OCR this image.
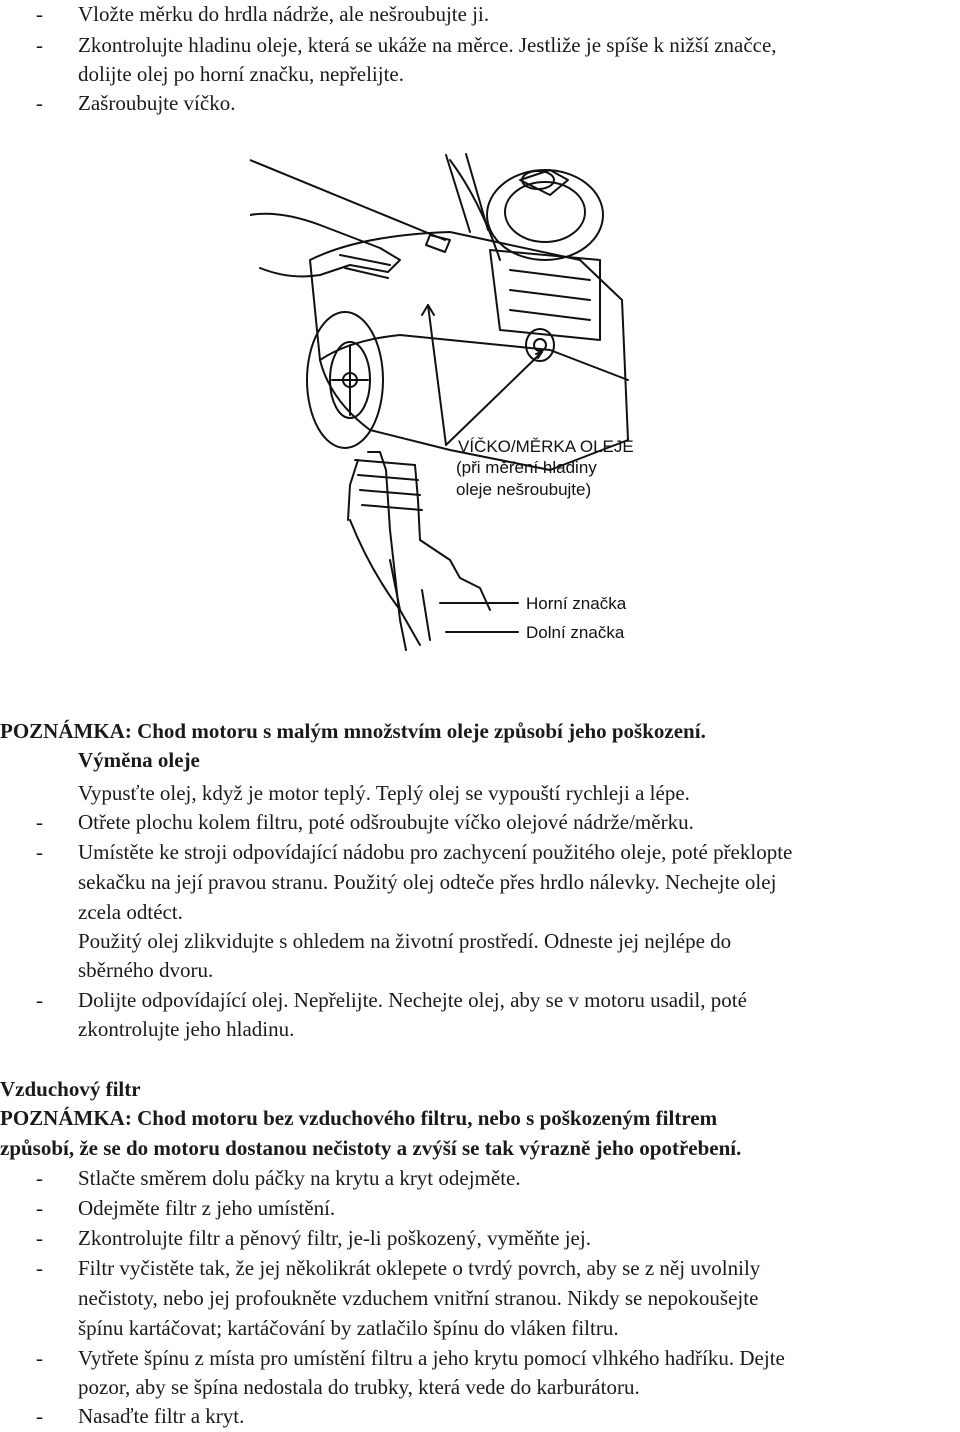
- Vložte měrku do hrdla nádrže, ale nešroubujte ji.
- Zkontrolujte hladinu oleje, která se ukáže na měrce. Jestliže je spíše k nižší značce,
dolijte olej po horní značku, nepřelijte.
- Zašroubujte víčko.
VÍČKO/MĚRKA OLEJE
(při měření hladiny
oleje nešroubujte)
Horní značka
Dolní značka
POZNÁMKA: Chod motoru s malým množstvím oleje způsobí jeho poškození.
Výměna oleje
Vypusťte olej, když je motor teplý. Teplý olej se vypouští rychleji a lépe.
- Otřete plochu kolem filtru, poté odšroubujte víčko olejové nádrže/měrku.
- Umístěte ke stroji odpovídající nádobu pro zachycení použitého oleje, poté překlopte
sekačku na její pravou stranu. Použitý olej odteče přes hrdlo nálevky. Nechejte olej
zcela odtéct.
Použitý olej zlikvidujte s ohledem na životní prostředí. Odneste jej nejlépe do
sběrného dvoru.
- Dolijte odpovídající olej. Nepřelijte. Nechejte olej, aby se v motoru usadil, poté
zkontrolujte jeho hladinu.
Vzduchový filtr
POZNÁMKA: Chod motoru bez vzduchového filtru, nebo s poškozeným filtrem
způsobí, že se do motoru dostanou nečistoty a zvýší se tak výrazně jeho opotřebení.
- Stlačte směrem dolu páčky na krytu a kryt odejměte.
- Odejměte filtr z jeho umístění.
- Zkontrolujte filtr a pěnový filtr, je-li poškozený, vyměňte jej.
- Filtr vyčistěte tak, že jej několikrát oklepete o tvrdý povrch, aby se z něj uvolnily
nečistoty, nebo jej profoukněte vzduchem vnitřní stranou. Nikdy se nepokoušejte
špínu kartáčovat; kartáčování by zatlačilo špínu do vláken filtru.
- Vytřete špínu z místa pro umístění filtru a jeho krytu pomocí vlhkého hadříku. Dejte
pozor, aby se špína nedostala do trubky, která vede do karburátoru.
- Nasaďte filtr a kryt.
